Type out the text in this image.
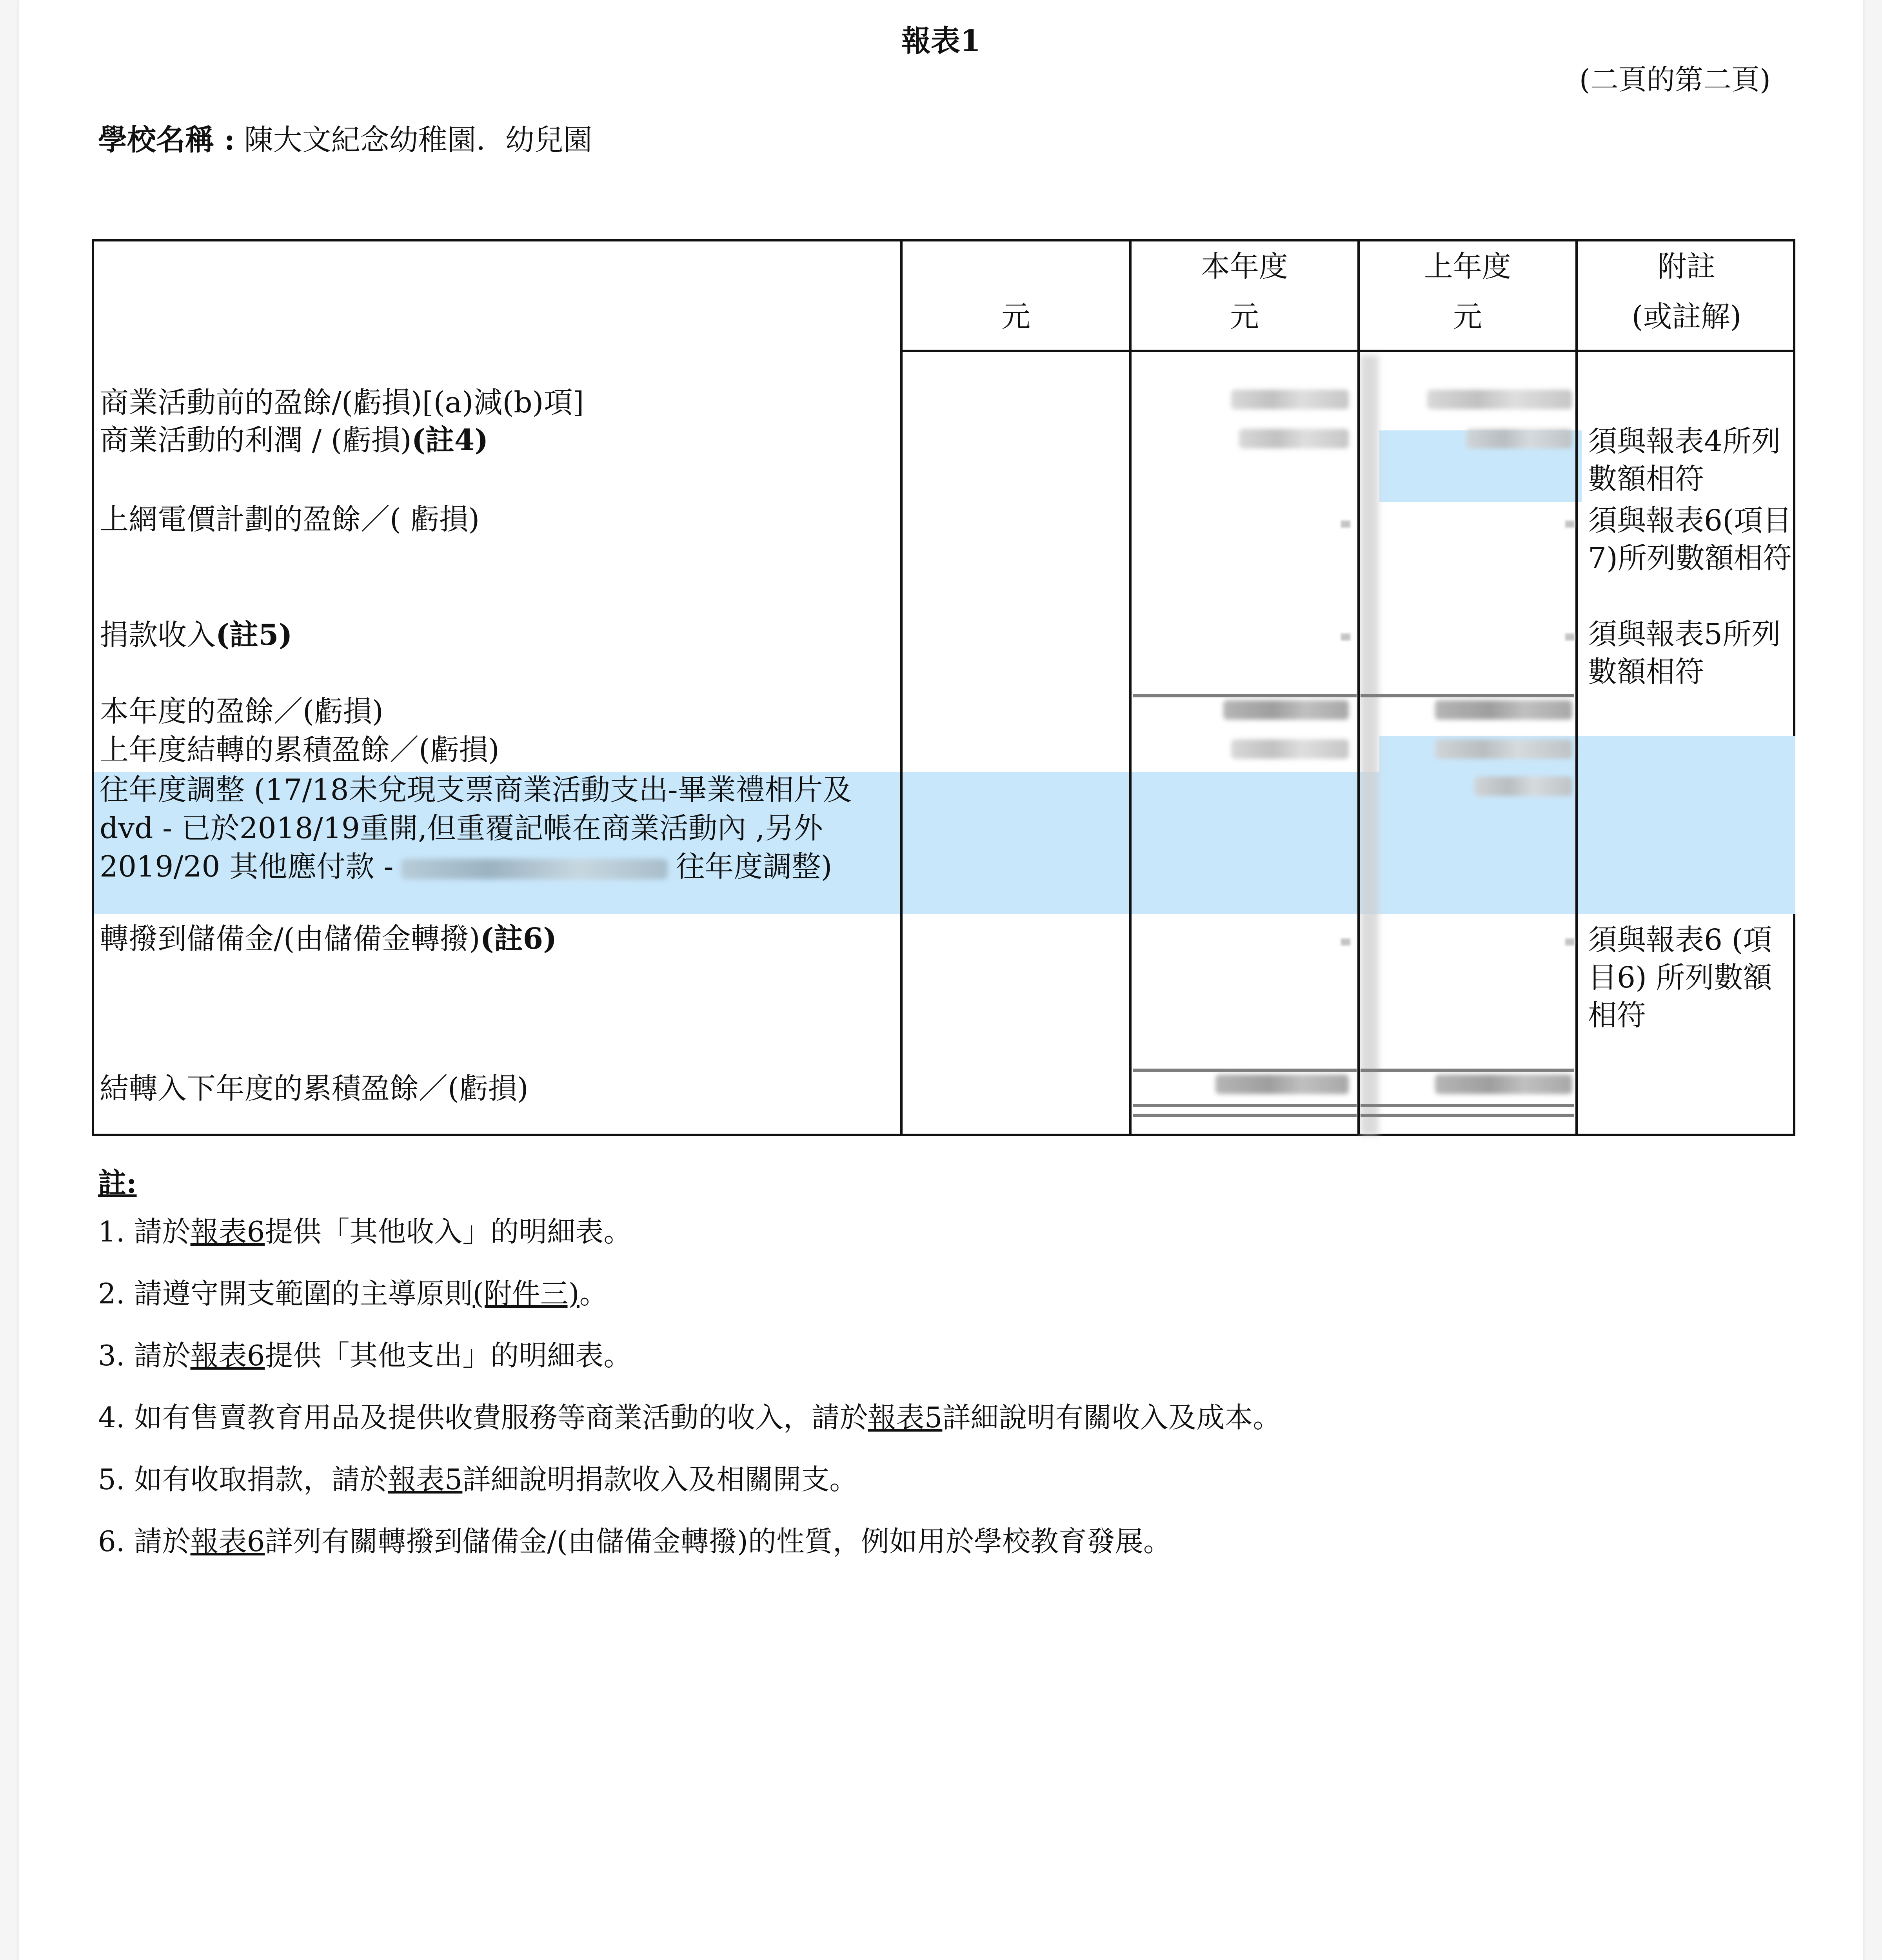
報表1
(二頁的第二頁)
學校名稱 : 陳大文紀念幼稚園．幼兒園
元
本年度
元
上年度
元
附註
(或註解)
商業活動前的盈餘/(虧損)[(a)減(b)項]
商業活動的利潤 / (虧損)(註4)
上網電價計劃的盈餘／( 虧損)
捐款收入(註5)
本年度的盈餘／(虧損)
上年度結轉的累積盈餘／(虧損)
往年度調整 (17/18未兌現支票商業活動支出-畢業禮相片及
dvd - 已於2018/19重開,但重覆記帳在商業活動內 ,另外
2019/20 其他應付款 -	往年度調整)
轉撥到儲備金/(由儲備金轉撥)(註6)
結轉入下年度的累積盈餘／(虧損)
須與報表4所列數額相符
須與報表6(項目7)所列數額相符
須與報表5所列數額相符
須與報表6 (項目6) 所列數額相符
註:
1. 請於報表6提供「其他收入」的明細表。
2. 請遵守開支範圍的主導原則(附件三)。
3. 請於報表6提供「其他支出」的明細表。
4. 如有售賣教育用品及提供收費服務等商業活動的收入，請於報表5詳細說明有關收入及成本。
5. 如有收取捐款，請於報表5詳細說明捐款收入及相關開支。
6. 請於報表6詳列有關轉撥到儲備金/(由儲備金轉撥)的性質，例如用於學校教育發展。
